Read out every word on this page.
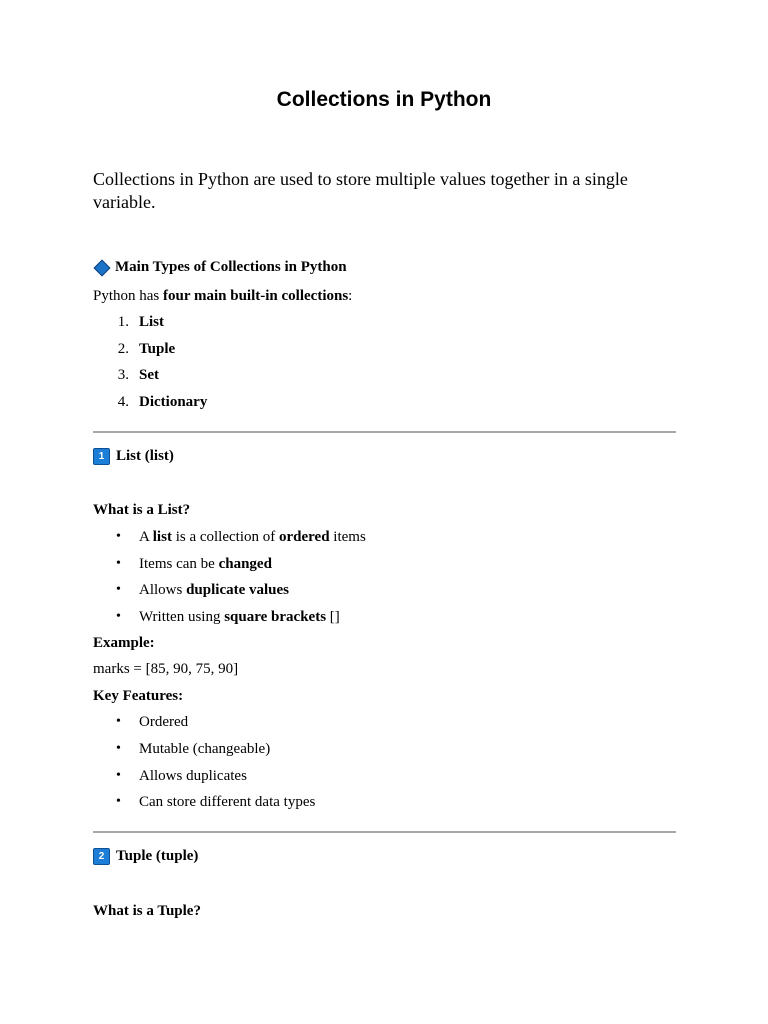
Collections in Python

Collections in Python are used to store multiple values together in a single variable.

Main Types of Collections in Python

Python has four main built-in collections:

1. List
2. Tuple
3. Set
4. Dictionary
1 List (list)

What is a List?

• A list is a collection of ordered items

• Items can be changed

• Allows duplicate values

• Written using square brackets []

Example:

marks = [85, 90, 75, 90]

Key Features:

• Ordered
• Mutable (changeable)
• Allows duplicates
• Can store different data types
2 Tuple (tuple)

What is a Tuple?
